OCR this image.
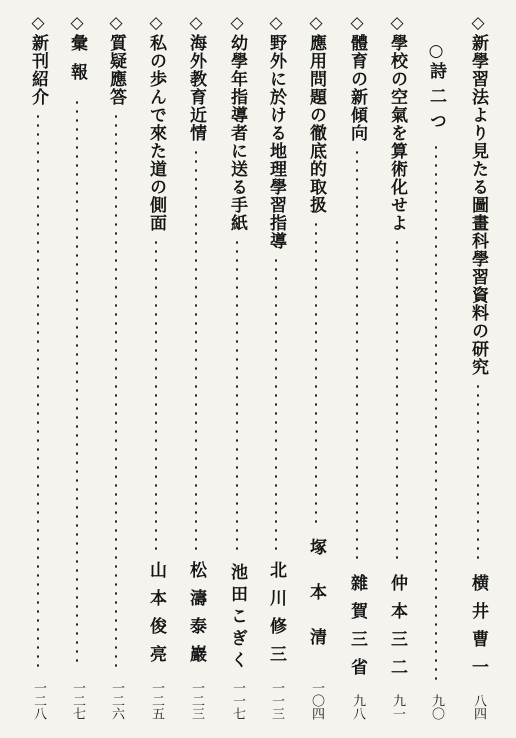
◇
新學習法より見たる圖畫科學習資料の研究
横井曹一
八四
○
詩二つ
九〇
◇
學校の空氣を算術化せよ
仲本三二
九一
◇
體育の新傾向
雜賀三省
九八
◇
應用問題の徹底的取扱
塚本清
一〇四
◇
野外に於ける地理學習指導
北川修三
一一三
◇
幼學年指導者に送る手紙
池田こぎく
一一七
◇
海外教育近情
松濤泰巖
一二三
◇
私の歩んで來た道の側面
山本俊亮
一二五
◇
質疑應答
一二六
◇
彙報
一二七
◇
新刊紹介
一二八
